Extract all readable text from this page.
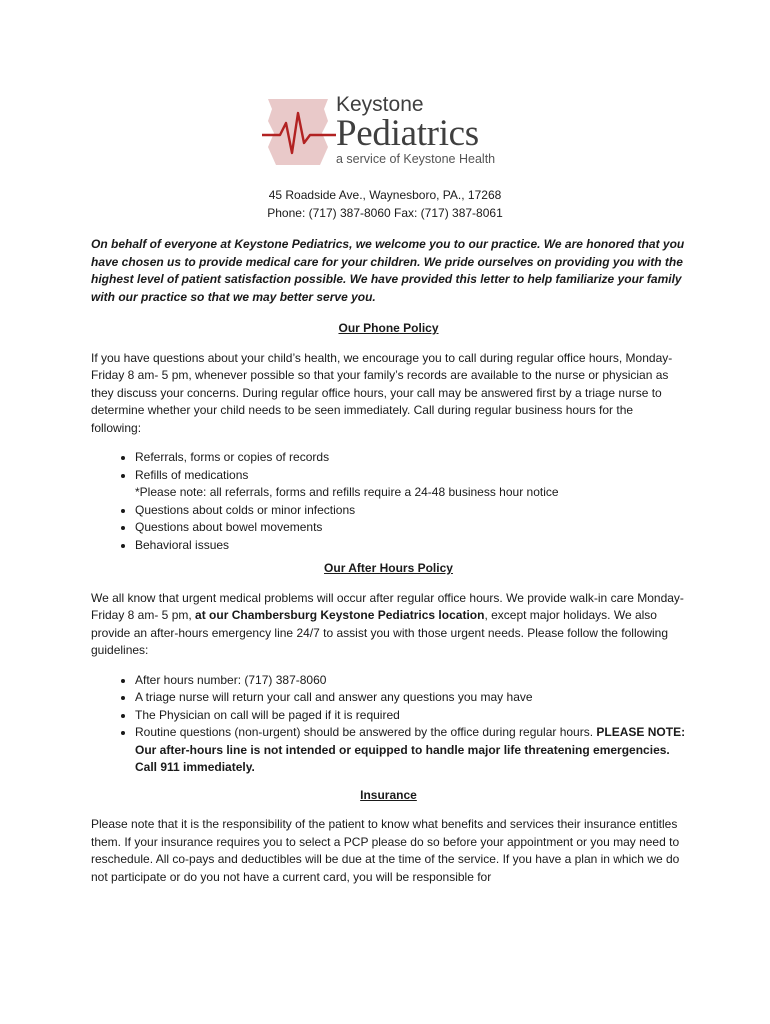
Keystone
Pediatrics
a service of Keystone Health
45 Roadside Ave., Waynesboro, PA., 17268
Phone: (717) 387-8060 Fax: (717) 387-8061

On behalf of everyone at Keystone Pediatrics, we welcome you to our practice. We are honored that you have chosen us to provide medical care for your children. We pride ourselves on providing you with the highest level of patient satisfaction possible. We have provided this letter to help familiarize your family with our practice so that we may better serve you.

Our Phone Policy

If you have questions about your child’s health, we encourage you to call during regular office hours, Monday- Friday 8 am- 5 pm, whenever possible so that your family’s records are available to the nurse or physician as they discuss your concerns. During regular office hours, your call may be answered first by a triage nurse to determine whether your child needs to be seen immediately. Call during regular business hours for the following:

• Referrals, forms or copies of records
• Refills of medications
*Please note: all referrals, forms and refills require a 24-48 business hour notice
• Questions about colds or minor infections
• Questions about bowel movements
• Behavioral issues
Our After Hours Policy

We all know that urgent medical problems will occur after regular office hours. We provide walk-in care Monday- Friday 8 am- 5 pm, at our Chambersburg Keystone Pediatrics location, except major holidays. We also provide an after-hours emergency line 24/7 to assist you with those urgent needs. Please follow the following guidelines:

• After hours number: (717) 387-8060
• A triage nurse will return your call and answer any questions you may have
• The Physician on call will be paged if it is required
• Routine questions (non-urgent) should be answered by the office during regular hours. PLEASE NOTE: Our after-hours line is not intended or equipped to handle major life threatening emergencies. Call 911 immediately.
Insurance

Please note that it is the responsibility of the patient to know what benefits and services their insurance entitles them. If your insurance requires you to select a PCP please do so before your appointment or you may need to reschedule. All co-pays and deductibles will be due at the time of the service. If you have a plan in which we do not participate or do you not have a current card, you will be responsible for
